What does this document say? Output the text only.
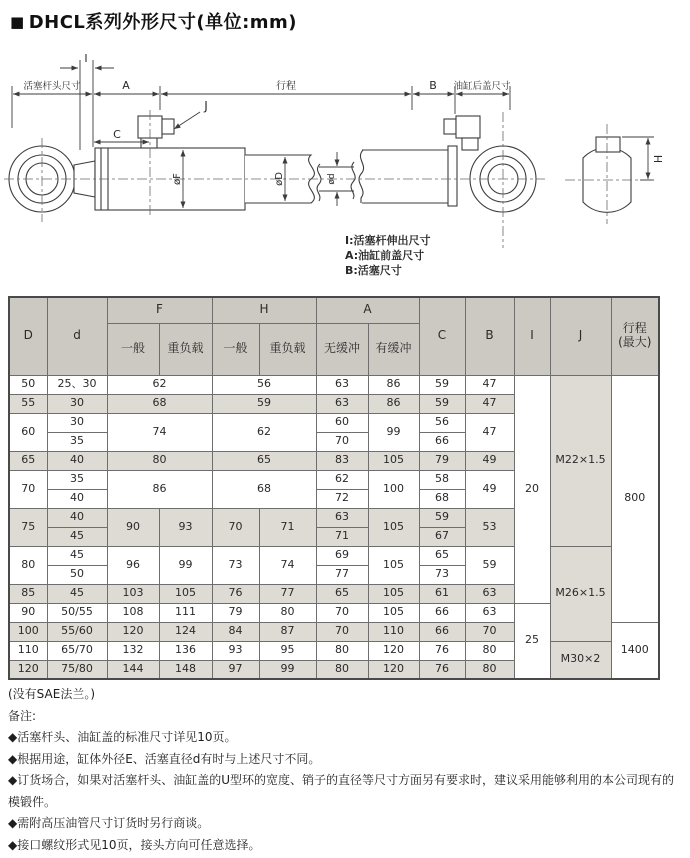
■ DHCL系列外形尺寸(单位:mm)
I
活塞杆头尺寸	A	行程	B 油缸后盖尺寸
C
J
øF	øD	ød
H
I:活塞杆伸出尺寸
A:油缸前盖尺寸
B:活塞尺寸
D	d	F		H		A		C	B	I	J	行程
(最大)

		一般	重负载	一般	重负载	无缓冲	有缓冲					
50	25、30	62		56		63	86	59	47	20	M22×1.5	800
55	30	68		59		63	86	59	47			
60	30	74		62		60	99	56	47			
	35					70		66				
65	40	80		65		83	105	79	49			
70	35	86		68		62	100	58	49			
	40					72		68				
75	40	90	93	70	71	63	105	59	53			
	45					71		67				
80	45	96	99	73	74	69	105	65	59		M26×1.5	
	50					77		73				
85	45	103	105	76	77	65	105	61	63			
90	50/55	108	111	79	80	70	105	66	63	25		
100	55/60	120	124	84	87	70	110	66	70			1400
110	65/70	132	136	93	95	80	120	76	80		M30×2	
120	75/80	144	148	97	99	80	120	76	80			

(没有SAE法兰。)

备注:

◆活塞杆头、油缸盖的标准尺寸详见10页。

◆根据用途，缸体外径E、活塞直径d有时与上述尺寸不同。

◆订货场合，如果对活塞杆头、油缸盖的U型环的宽度、销子的直径等尺寸方面另有要求时，建议采用能够利用的本公司现有的模锻件。

◆需附高压油管尺寸订货时另行商谈。

◆接口螺纹形式见10页，接头方向可任意选择。
